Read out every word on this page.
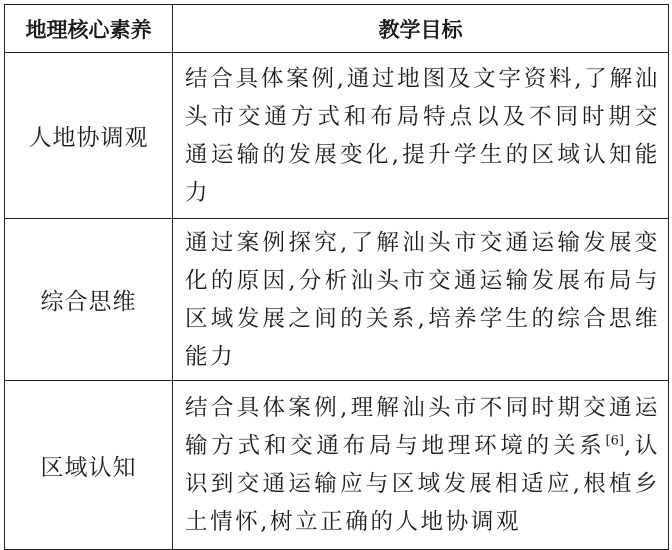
地理核心素养	教学目标
人地协调观	结合具体案例,通过地图及文字资料,了解汕头市交通方式和布局特点以及不同时期交通运输的发展变化,提升学生的区域认知能力
综合思维	通过案例探究,了解汕头市交通运输发展变化的原因,分析汕头市交通运输发展布局与区域发展之间的关系,培养学生的综合思维能力
区域认知	结合具体案例,理解汕头市不同时期交通运输方式和交通布局与地理环境的关系[6],认识到交通运输应与区域发展相适应,根植乡土情怀,树立正确的人地协调观
